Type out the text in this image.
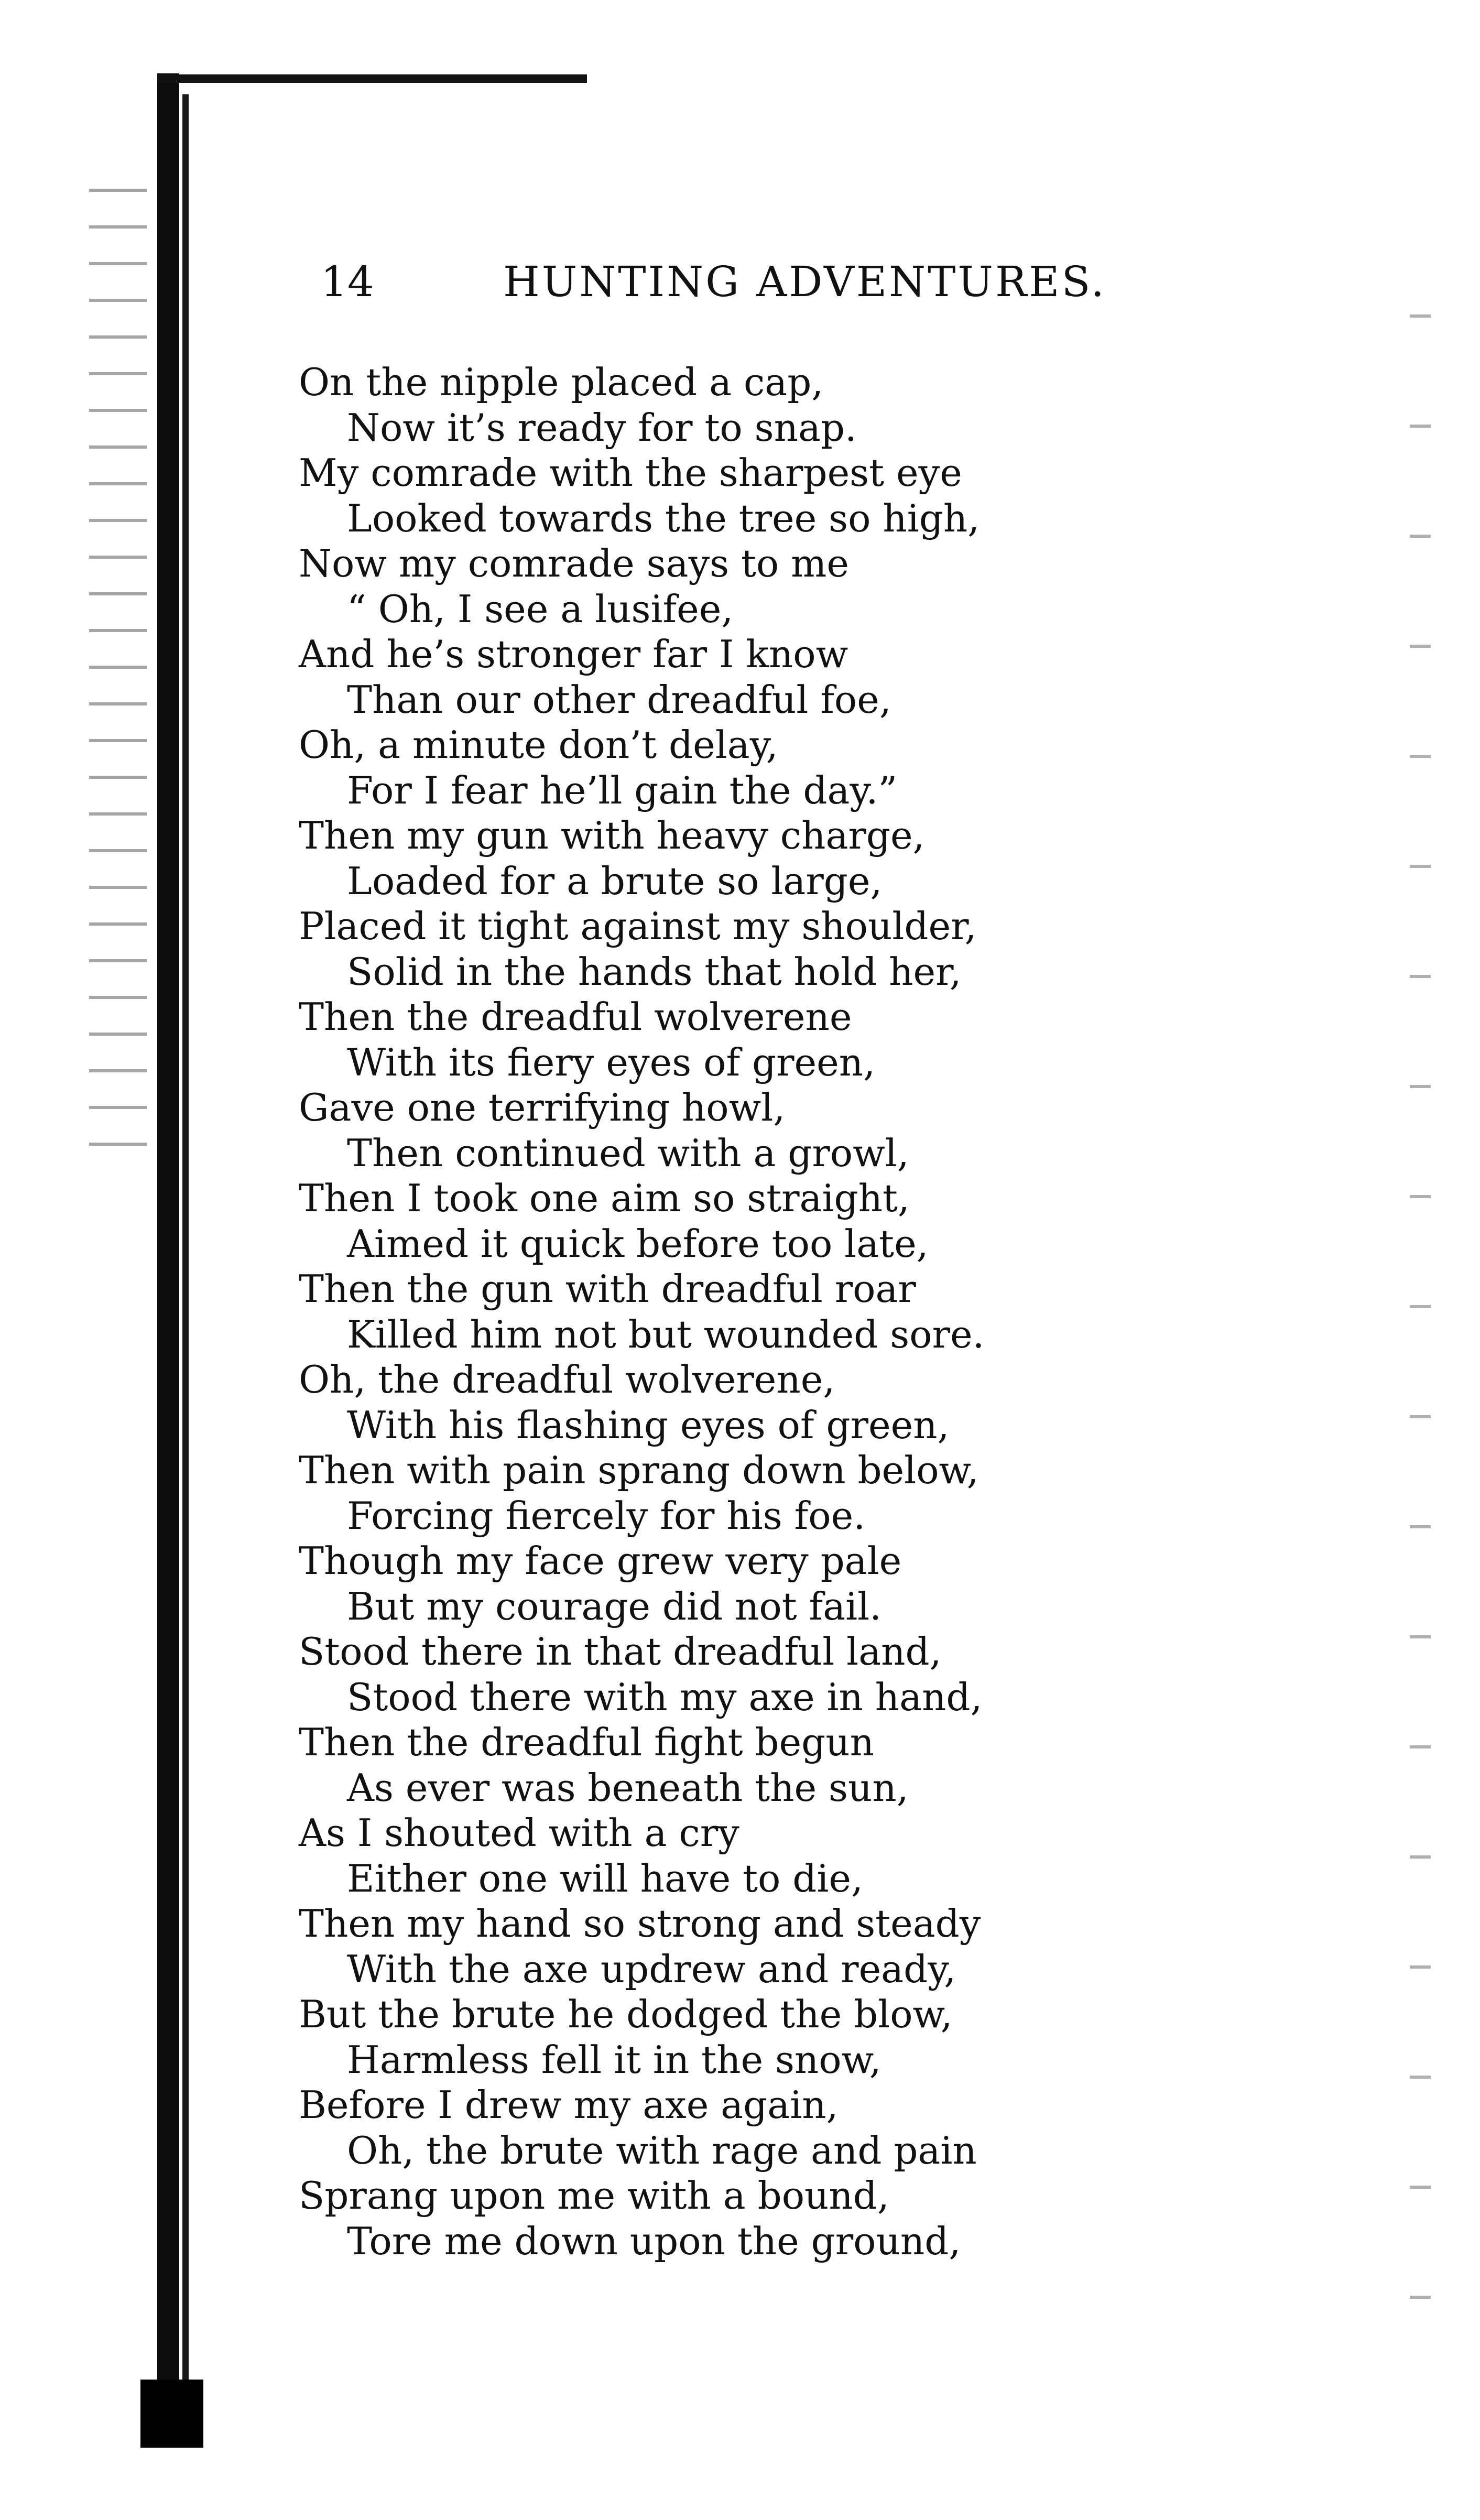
14	HUNTING ADVENTURES.
On the nipple placed a cap,
Now it’s ready for to snap.
My comrade with the sharpest eye
Looked towards the tree so high,
Now my comrade says to me
“ Oh, I see a lusifee,
And he’s stronger far I know
Than our other dreadful foe,
Oh, a minute don’t delay,
For I fear he’ll gain the day.”
Then my gun with heavy charge,
Loaded for a brute so large,
Placed it tight against my shoulder,
Solid in the hands that hold her,
Then the dreadful wolverene
With its fiery eyes of green,
Gave one terrifying howl,
Then continued with a growl,
Then I took one aim so straight,
Aimed it quick before too late,
Then the gun with dreadful roar
Killed him not but wounded sore.
Oh, the dreadful wolverene,
With his flashing eyes of green,
Then with pain sprang down below,
Forcing fiercely for his foe.
Though my face grew very pale
But my courage did not fail.
Stood there in that dreadful land,
Stood there with my axe in hand,
Then the dreadful fight begun
As ever was beneath the sun,
As I shouted with a cry
Either one will have to die,
Then my hand so strong and steady
With the axe updrew and ready,
But the brute he dodged the blow,
Harmless fell it in the snow,
Before I drew my axe again,
Oh, the brute with rage and pain
Sprang upon me with a bound,
Tore me down upon the ground,
